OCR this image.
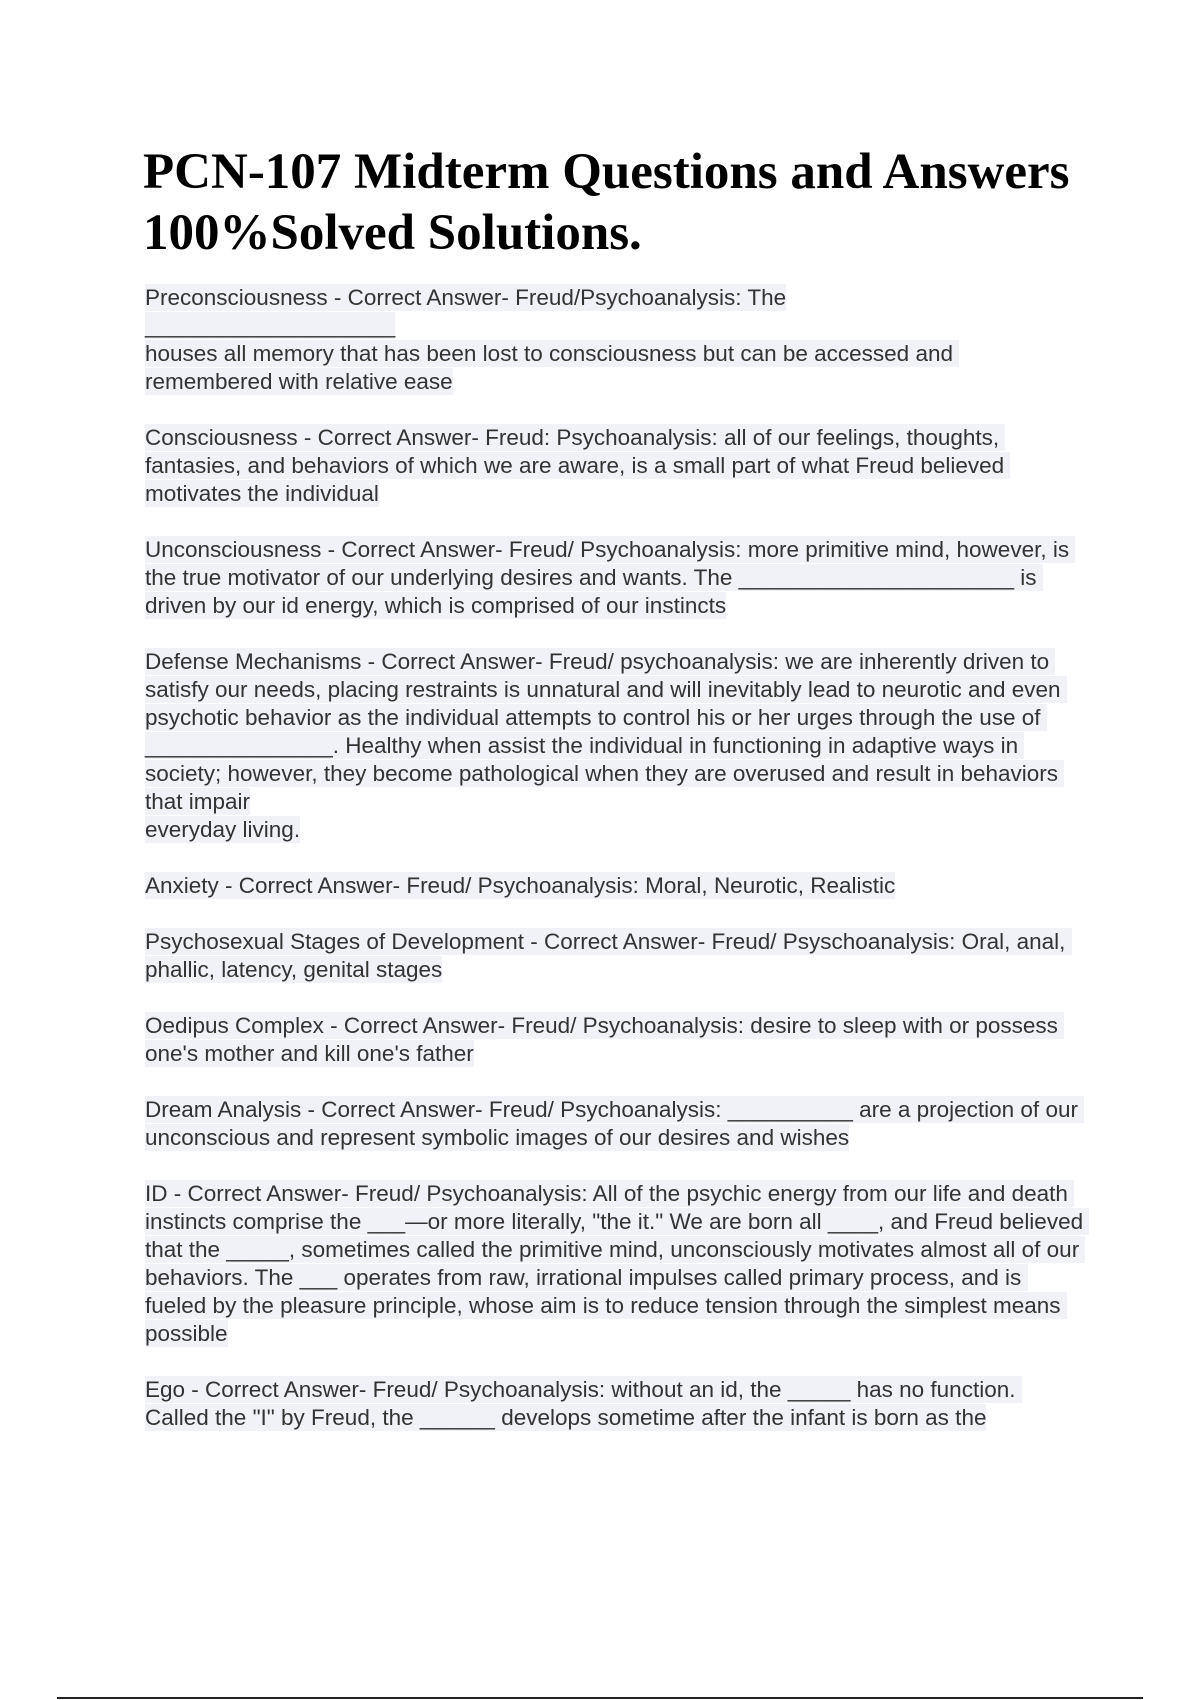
PCN-107 Midterm Questions and Answers 100%Solved Solutions.

Preconsciousness - Correct Answer- Freud/Psychoanalysis: The
____________________
houses all memory that has been lost to consciousness but can be accessed and remembered with relative ease

Consciousness - Correct Answer- Freud: Psychoanalysis: all of our feelings, thoughts, fantasies, and behaviors of which we are aware, is a small part of what Freud believed motivates the individual

Unconsciousness - Correct Answer- Freud/ Psychoanalysis: more primitive mind, however, is the true motivator of our underlying desires and wants. The ______________________ is driven by our id energy, which is comprised of our instincts

Defense Mechanisms - Correct Answer- Freud/ psychoanalysis: we are inherently driven to satisfy our needs, placing restraints is unnatural and will inevitably lead to neurotic and even psychotic behavior as the individual attempts to control his or her urges through the use of _______________. Healthy when assist the individual in functioning in adaptive ways in society; however, they become pathological when they are overused and result in behaviors that impair
everyday living.

Anxiety - Correct Answer- Freud/ Psychoanalysis: Moral, Neurotic, Realistic

Psychosexual Stages of Development - Correct Answer- Freud/ Psyschoanalysis: Oral, anal, phallic, latency, genital stages

Oedipus Complex - Correct Answer- Freud/ Psychoanalysis: desire to sleep with or possess one's mother and kill one's father

Dream Analysis - Correct Answer- Freud/ Psychoanalysis: __________ are a projection of our unconscious and represent symbolic images of our desires and wishes

ID - Correct Answer- Freud/ Psychoanalysis: All of the psychic energy from our life and death instincts comprise the ___—or more literally, "the it." We are born all ____, and Freud believed that the _____, sometimes called the primitive mind, unconsciously motivates almost all of our behaviors. The ___ operates from raw, irrational impulses called primary process, and is fueled by the pleasure principle, whose aim is to reduce tension through the simplest means possible

Ego - Correct Answer- Freud/ Psychoanalysis: without an id, the _____ has no function. Called the "I" by Freud, the ______ develops sometime after the infant is born as the
